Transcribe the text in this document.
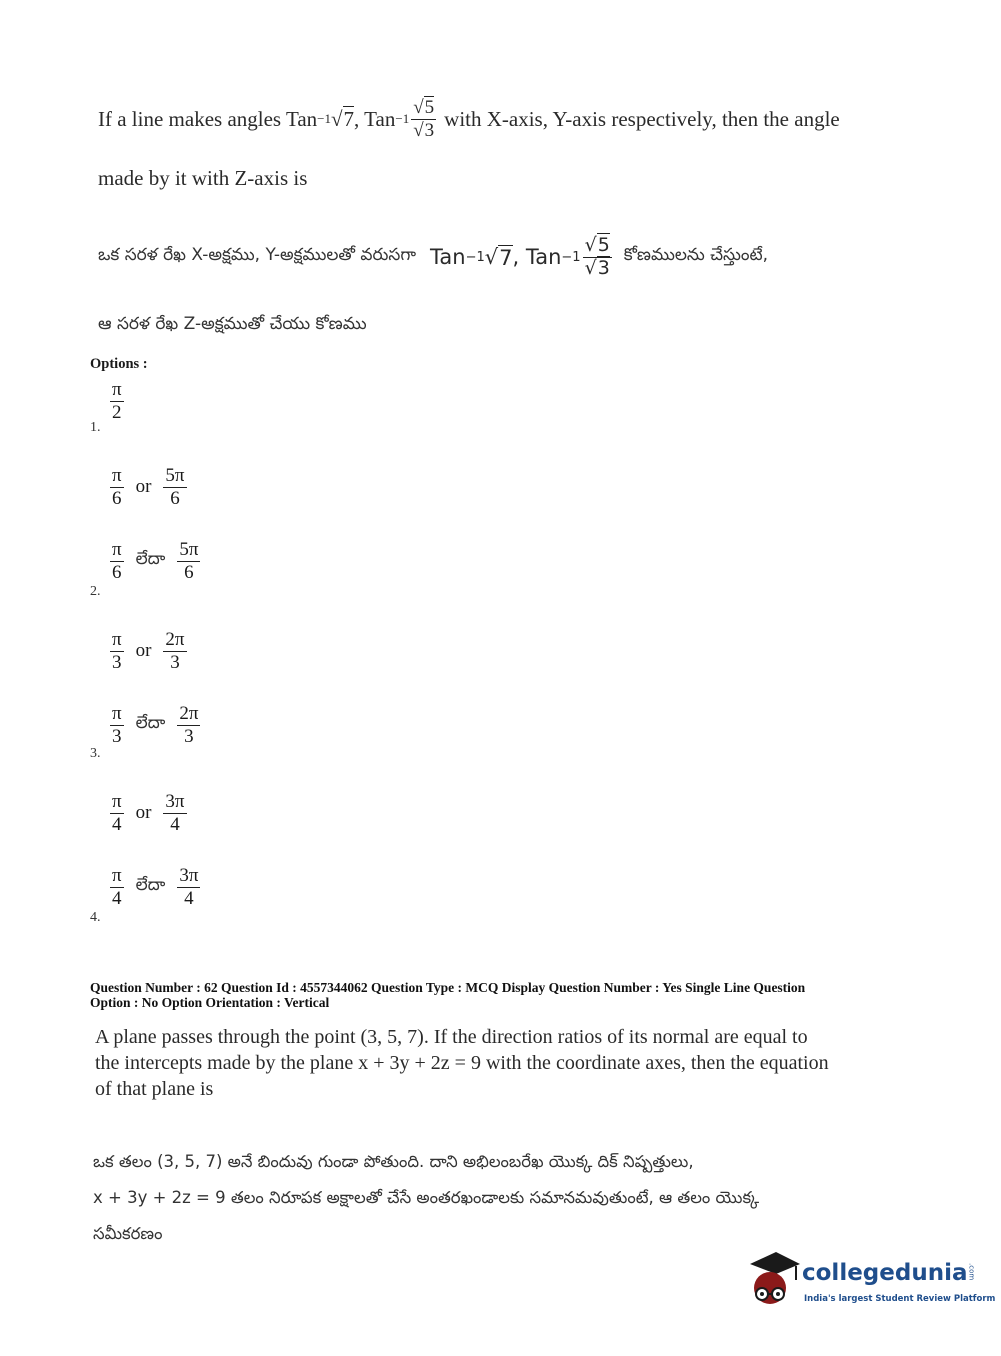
If a line makes angles Tan −1 √ 7 , Tan $-1 \frac{√5}{√3}$ with X-axis, Y-axis respectively, then the angle
made by it with Z-axis is
ఒక సరళ రేఖ X-అక్షము, Y-అక్షములతో వరుసగా Tan −1 √ 7 , Tan $-1 \frac{√5}{√3}$ కోణములను చేస్తుంటే,
ఆ సరళ రేఖ Z-అక్షముతో చేయు కోణము
Options :
$\frac{\pi}{2}$
1.
$\frac{\pi}{6}$ or $\frac{5\pi}{6}$
$\frac{\pi}{6}$ లేదా $\frac{5\pi}{6}$
2.
$\frac{\pi}{3}$ or $\frac{2\pi}{3}$
$\frac{\pi}{3}$ లేదా $\frac{2\pi}{3}$
3.
$\frac{\pi}{4}$ or $\frac{3\pi}{4}$
$\frac{\pi}{4}$ లేదా $\frac{3\pi}{4}$
4.
Question Number : 62 Question Id : 4557344062 Question Type : MCQ Display Question Number : Yes Single Line Question
Option : No Option Orientation : Vertical
A plane passes through the point (3, 5, 7). If the direction ratios of its normal are equal to
the intercepts made by the plane x + 3y + 2z = 9 with the coordinate axes, then the equation
of that plane is
ఒక తలం (3, 5, 7) అనే బిందువు గుండా పోతుంది. దాని అభిలంబరేఖ యొక్క దిక్ నిష్పత్తులు,
x + 3y + 2z = 9 తలం నిరూపక అక్షాలతో చేసే అంతరఖండాలకు సమానమవుతుంటే, ఆ తలం యొక్క
సమీకరణం
collegedunia.com
India's largest Student Review Platform
